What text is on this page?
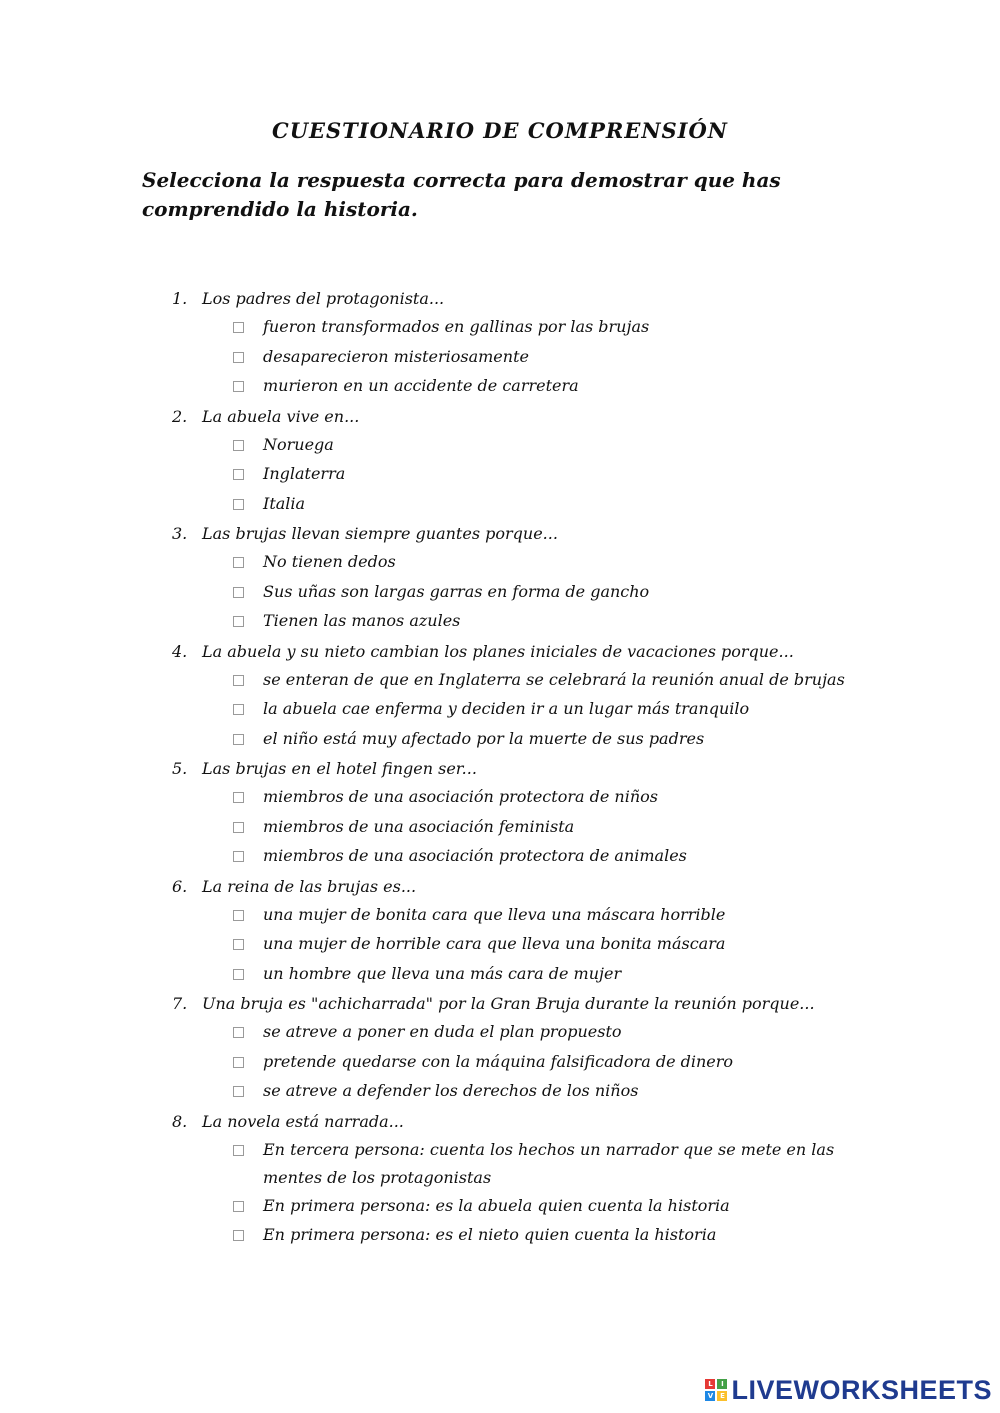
CUESTIONARIO DE COMPRENSIÓN
Selecciona la respuesta correcta para demostrar que has comprendido la historia.
1. Los padres del protagonista...
fueron transformados en gallinas por las brujas
desaparecieron misteriosamente
murieron en un accidente de carretera
2. La abuela vive en...
Noruega
Inglaterra
Italia
3. Las brujas llevan siempre guantes porque...
No tienen dedos
Sus uñas son largas garras en forma de gancho
Tienen las manos azules
4. La abuela y su nieto cambian los planes iniciales de vacaciones porque...
se enteran de que en Inglaterra se celebrará la reunión anual de brujas
la abuela cae enferma y deciden ir a un lugar más tranquilo
el niño está muy afectado por la muerte de sus padres
5. Las brujas en el hotel fingen ser...
miembros de una asociación protectora de niños
miembros de una asociación feminista
miembros de una asociación protectora de animales
6. La reina de las brujas es...
una mujer de bonita cara que lleva una máscara horrible
una mujer de horrible cara que lleva una bonita máscara
un hombre que lleva una más cara de mujer
7. Una bruja es "achicharrada" por la Gran Bruja durante la reunión porque...
se atreve a poner en duda el plan propuesto
pretende quedarse con la máquina falsificadora de dinero
se atreve a defender los derechos de los niños
8. La novela está narrada...
En tercera persona: cuenta los hechos un narrador que se mete en las mentes de los protagonistas
En primera persona: es la abuela quien cuenta la historia
En primera persona: es el nieto quien cuenta la historia
L	I
V E LIVEWORKSHEETS
